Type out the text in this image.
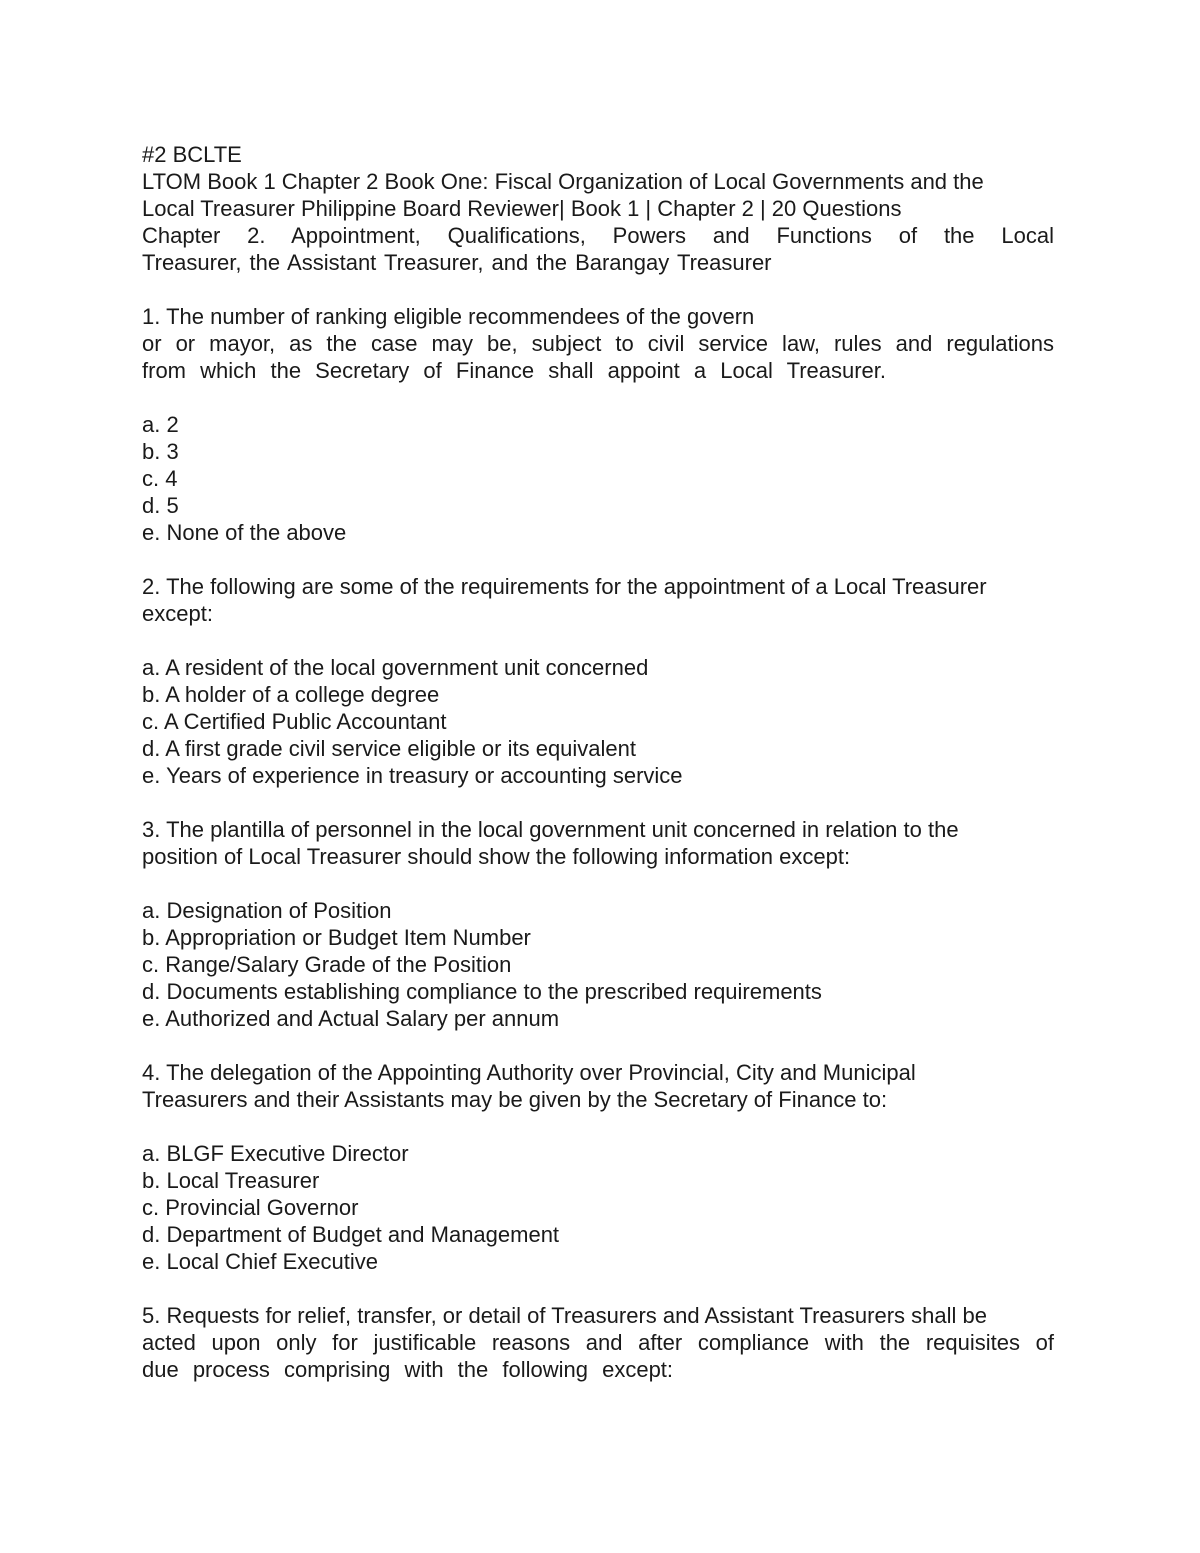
#2 BCLTE
LTOM Book 1 Chapter 2 Book One: Fiscal Organization of Local Governments and the
Local Treasurer Philippine Board Reviewer| Book 1 | Chapter 2 | 20 Questions
Chapter 2. Appointment, Qualifications, Powers and Functions of the Local
Treasurer, the Assistant Treasurer, and the Barangay Treasurer
1. The number of ranking eligible recommendees of the govern
or or mayor, as the case may be, subject to civil service law, rules and regulations
from which the Secretary of Finance shall appoint a Local Treasurer.
a. 2
b. 3
c. 4
d. 5
e. None of the above
2. The following are some of the requirements for the appointment of a Local Treasurer
except:
a. A resident of the local government unit concerned
b. A holder of a college degree
c. A Certified Public Accountant
d. A first grade civil service eligible or its equivalent
e. Years of experience in treasury or accounting service
3. The plantilla of personnel in the local government unit concerned in relation to the
position of Local Treasurer should show the following information except:
a. Designation of Position
b. Appropriation or Budget Item Number
c. Range/Salary Grade of the Position
d. Documents establishing compliance to the prescribed requirements
e. Authorized and Actual Salary per annum
4. The delegation of the Appointing Authority over Provincial, City and Municipal
Treasurers and their Assistants may be given by the Secretary of Finance to:
a. BLGF Executive Director
b. Local Treasurer
c. Provincial Governor
d. Department of Budget and Management
e. Local Chief Executive
5. Requests for relief, transfer, or detail of Treasurers and Assistant Treasurers shall be
acted upon only for justificable reasons and after compliance with the requisites of
due process comprising with the following except:
